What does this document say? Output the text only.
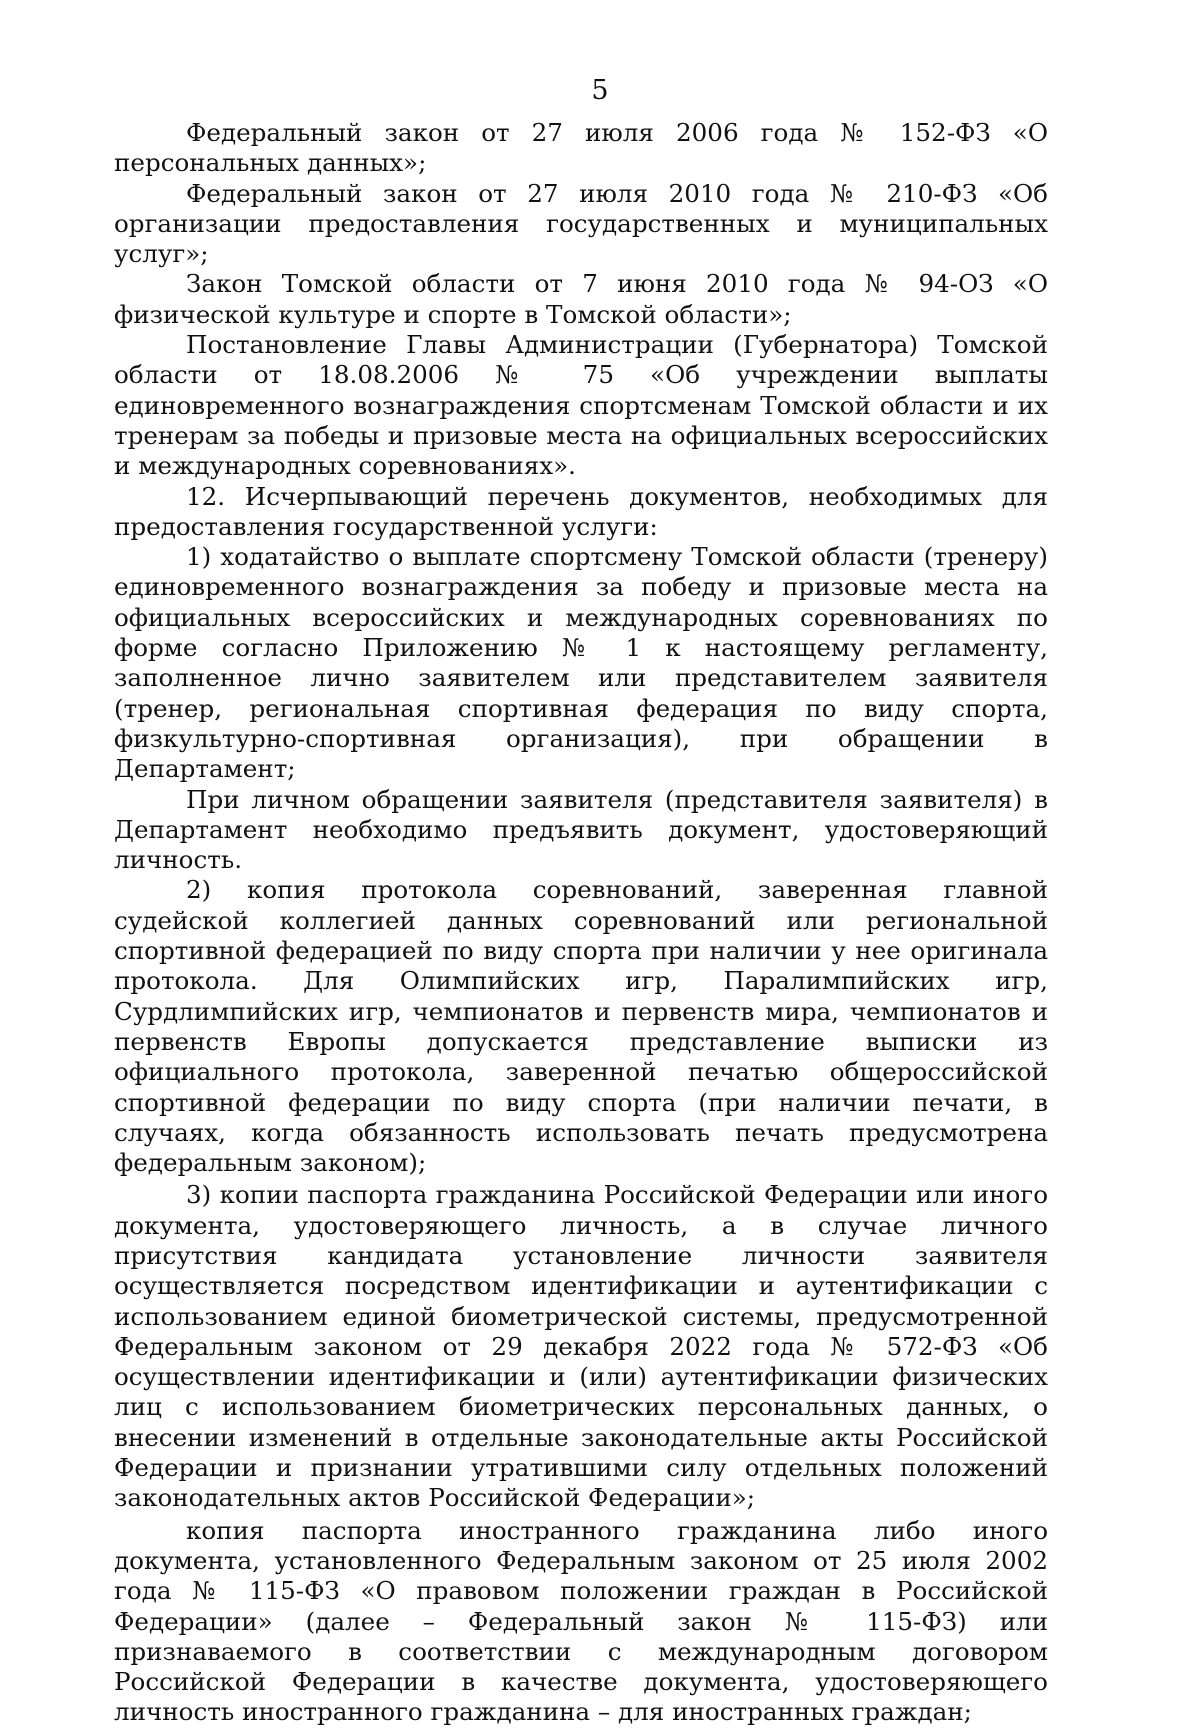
5

Федеральный закон от 27 июля 2006 года № 152-ФЗ «О персональных данных»;

Федеральный закон от 27 июля 2010 года № 210-ФЗ «Об организации предоставления государственных и муниципальных услуг»;

Закон Томской области от 7 июня 2010 года № 94-ОЗ «О физической культуре и спорте в Томской области»;

Постановление Главы Администрации (Губернатора) Томской области от 18.08.2006 № 75 «Об учреждении выплаты единовременного вознаграждения спортсменам Томской области и их тренерам за победы и призовые места на официальных всероссийских и международных соревнованиях».

12. Исчерпывающий перечень документов, необходимых для предоставления государственной услуги:

1) ходатайство о выплате спортсмену Томской области (тренеру) единовременного вознаграждения за победу и призовые места на официальных всероссийских и международных соревнованиях по форме согласно Приложению № 1 к настоящему регламенту, заполненное лично заявителем или представителем заявителя (тренер, региональная спортивная федерация по виду спорта, физкультурно-спортивная организация), при обращении в Департамент;

При личном обращении заявителя (представителя заявителя) в Департамент необходимо предъявить документ, удостоверяющий личность.

2) копия протокола соревнований, заверенная главной судейской коллегией данных соревнований или региональной спортивной федерацией по виду спорта при наличии у нее оригинала протокола. Для Олимпийских игр, Паралимпийских игр, Сурдлимпийских игр, чемпионатов и первенств мира, чемпионатов и первенств Европы допускается представление выписки из официального протокола, заверенной печатью общероссийской спортивной федерации по виду спорта (при наличии печати, в случаях, когда обязанность использовать печать предусмотрена федеральным законом);

3) копии паспорта гражданина Российской Федерации или иного документа, удостоверяющего личность, а в случае личного присутствия кандидата установление личности заявителя осуществляется посредством идентификации и аутентификации с использованием единой биометрической системы, предусмотренной Федеральным законом от 29 декабря 2022 года № 572-ФЗ «Об осуществлении идентификации и (или) аутентификации физических лиц с использованием биометрических персональных данных, о внесении изменений в отдельные законодательные акты Российской Федерации и признании утратившими силу отдельных положений законодательных актов Российской Федерации»;

копия паспорта иностранного гражданина либо иного документа, установленного Федеральным законом от 25 июля 2002 года № 115-ФЗ «О правовом положении граждан в Российской Федерации» (далее – Федеральный закон № 115-ФЗ) или признаваемого в соответствии с международным договором Российской Федерации в качестве документа, удостоверяющего личность иностранного гражданина – для иностранных граждан;
